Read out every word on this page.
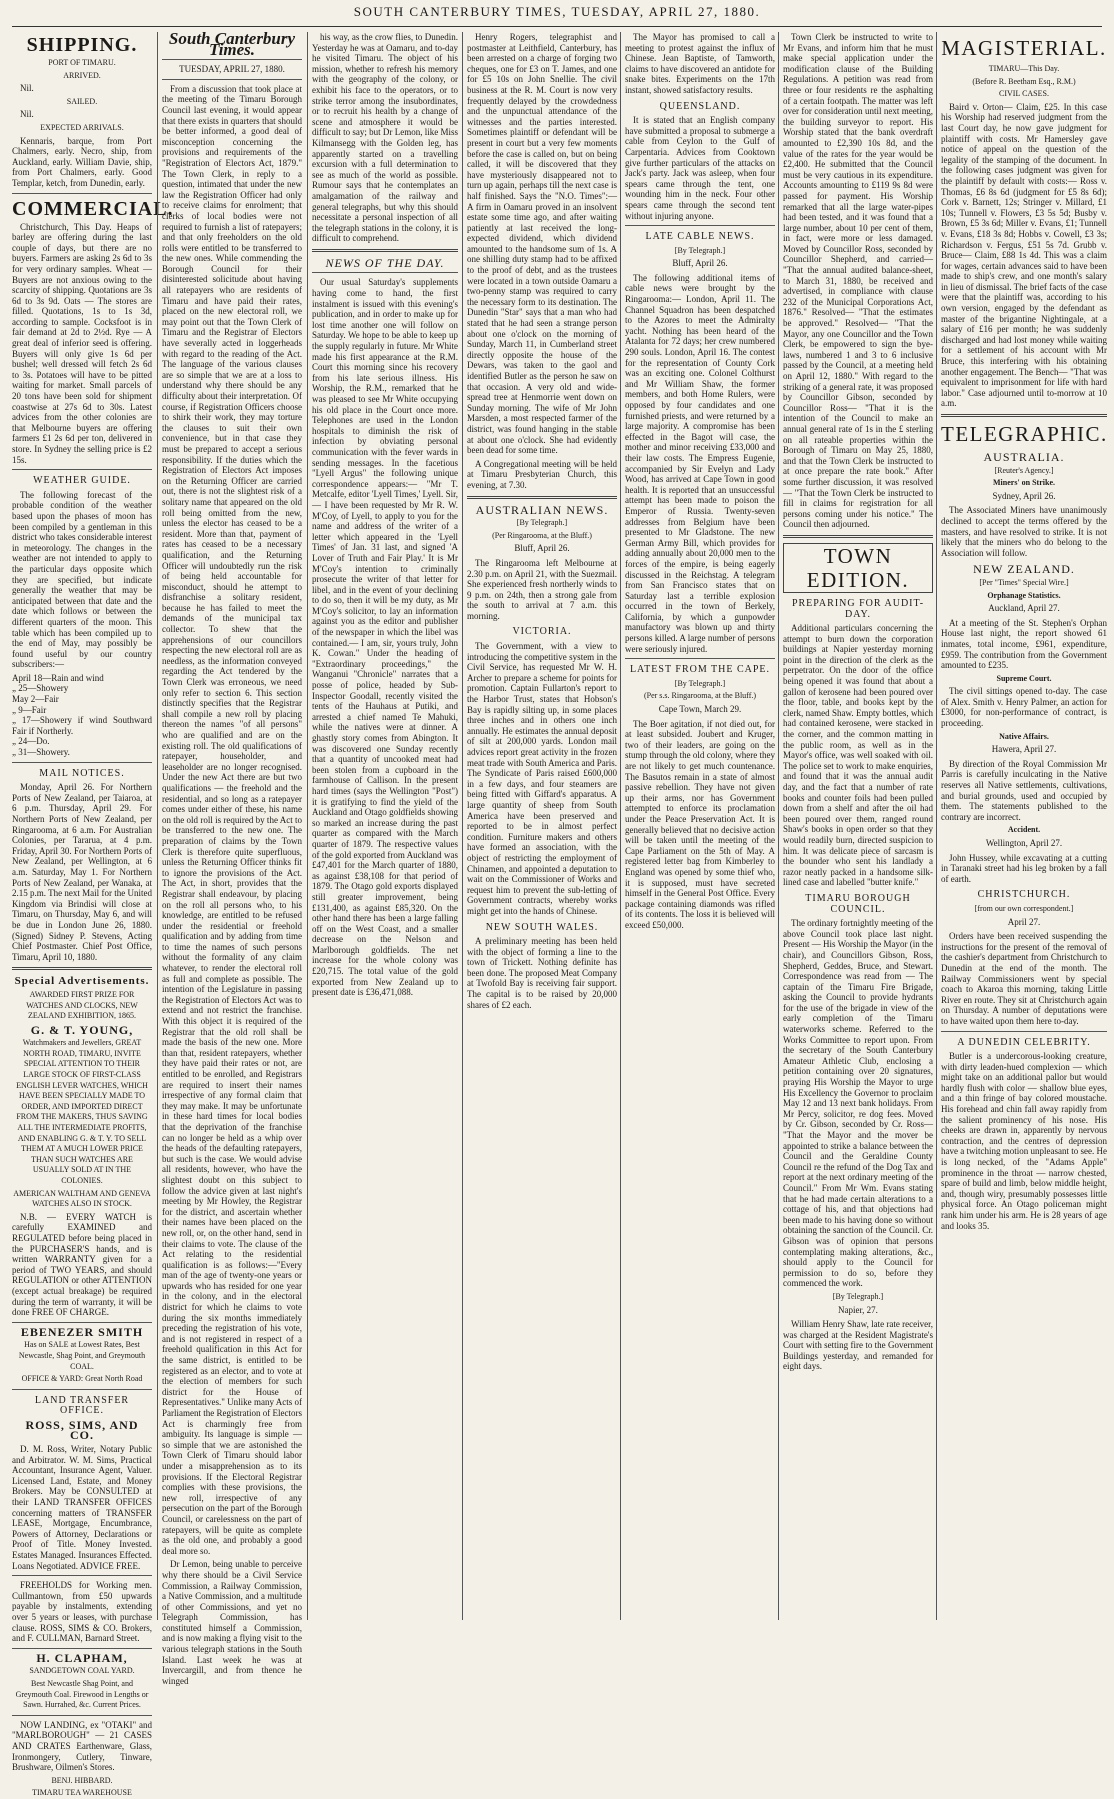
SOUTH CANTERBURY TIMES, TUESDAY, APRIL 27, 1880.
SHIPPING.
PORT OF TIMARU.
ARRIVED.

Nil.

SAILED.

Nil.

EXPECTED ARRIVALS.

Kennaris, barque, from Port Chalmers, early. Necro, ship, from Auckland, early. William Davie, ship, from Port Chalmers, early. Good Templar, ketch, from Dunedin, early.

COMMERCIAL.

Christchurch, This Day. Heaps of barley are offering during the last couple of days, but there are no buyers. Farmers are asking 2s 6d to 3s for very ordinary samples. Wheat — Buyers are not anxious owing to the scarcity of shipping. Quotations are 3s 6d to 3s 9d. Oats — The stores are filled. Quotations, 1s to 1s 3d, according to sample. Cocksfoot is in fair demand at 2d to 2½d. Rye — A great deal of inferior seed is offering. Buyers will only give 1s 6d per bushel; well dressed will fetch 2s 6d to 3s. Potatoes will have to be pitted waiting for market. Small parcels of 20 tons have been sold for shipment coastwise at 27s 6d to 30s. Latest advices from the other colonies are that Melbourne buyers are offering farmers £1 2s 6d per ton, delivered in store. In Sydney the selling price is £2 15s.

WEATHER GUIDE.

The following forecast of the probable condition of the weather based upon the phases of moon has been compiled by a gentleman in this district who takes considerable interest in meteorology. The changes in the weather are not intended to apply to the particular days opposite which they are specified, but indicate generally the weather that may be anticipated between that date and the date which follows or between the different quarters of the moon. This table which has been compiled up to the end of May, may possibly be found useful by our country subscribers:—

April 18—Rain and wind
„ 25—Showery
May 2—Fair
„ 9—Fair
„ 17—Showery if wind Southward Fair if Northerly.
„ 24—Do.
„ 31—Showery.
MAIL NOTICES.

Monday, April 26. For Northern Ports of New Zealand, per Taiaroa, at 6 p.m. Thursday, April 29. For Northern Ports of New Zealand, per Ringarooma, at 6 a.m. For Australian Colonies, per Tararua, at 4 p.m. Friday, April 30. For Northern Ports of New Zealand, per Wellington, at 6 a.m. Saturday, May 1. For Northern Ports of New Zealand, per Wanaka, at 2.15 p.m. The next Mail for the United Kingdom via Brindisi will close at Timaru, on Thursday, May 6, and will be due in London June 26, 1880. (Signed) Sidney P. Stevens, Acting Chief Postmaster. Chief Post Office, Timaru, April 10, 1880.

Special Advertisements.
AWARDED FIRST PRIZE FOR WATCHES AND CLOCKS, NEW ZEALAND EXHIBITION, 1865.
G. & T. YOUNG,
Watchmakers and Jewellers, GREAT NORTH ROAD, TIMARU, INVITE SPECIAL ATTENTION TO THEIR LARGE STOCK OF FIRST-CLASS ENGLISH LEVER WATCHES, WHICH HAVE BEEN SPECIALLY MADE TO ORDER, AND IMPORTED DIRECT FROM THE MAKERS, THUS SAVING ALL THE INTERMEDIATE PROFITS, AND ENABLING G. & T. Y. TO SELL THEM AT A MUCH LOWER PRICE THAN SUCH WATCHES ARE USUALLY SOLD AT IN THE COLONIES.
AMERICAN WALTHAM AND GENEVA WATCHES ALSO IN STOCK.

N.B. — EVERY WATCH is carefully EXAMINED and REGULATED before being placed in the PURCHASER'S hands, and is written WARRANTY given for a period of TWO YEARS, and should REGULATION or other ATTENTION (except actual breakage) be required during the term of warranty, it will be done FREE OF CHARGE.

EBENEZER SMITH
Has on SALE at Lowest Rates, Best Newcastle, Shag Point, and Greymouth COAL.
OFFICE & YARD: Great North Road
LAND TRANSFER OFFICE.
ROSS, SIMS, AND CO.

D. M. Ross, Writer, Notary Public and Arbitrator. W. M. Sims, Practical Accountant, Insurance Agent, Valuer. Licensed Land, Estate, and Money Brokers. May be CONSULTED at their LAND TRANSFER OFFICES concerning matters of TRANSFER LEASE, Mortgage, Encumbrance, Powers of Attorney, Declarations or Proof of Title. Money Invested. Estates Managed. Insurances Effected. Loans Negotiated. ADVICE FREE.

FREEHOLDS for Working men. Cullmantown, from £50 upwards payable by instalments, extending over 5 years or leases, with purchase clause. ROSS, SIMS & CO. Brokers, and F. CULLMAN, Barnard Street.

H. CLAPHAM,
SANDGETOWN COAL YARD.
Best Newcastle Shag Point, and Greymouth Coal. Firewood in Lengths or Sawn. Hurrahed, &c. Current Prices.

NOW LANDING, ex "OTAKI" and "MARLBOROUGH" — 21 CASES AND CRATES Earthenware, Glass, Ironmongery, Cutlery, Tinware, Brushware, Oilmen's Stores.

BENJ. HIBBARD.
TIMARU TEA WAREHOUSE
South Canterbury Times.
TUESDAY, APRIL 27, 1880.

From a discussion that took place at the meeting of the Timaru Borough Council last evening, it would appear that there exists in quarters that should be better informed, a good deal of misconception concerning the provisions and requirements of the "Registration of Electors Act, 1879." The Town Clerk, in reply to a question, intimated that under the new law the Registration Officer had only to receive claims for enrolment; that clerks of local bodies were not required to furnish a list of ratepayers; and that only freeholders on the old rolls were entitled to be transferred to the new ones. While commending the Borough Council for their disinterested solicitude about having all ratepayers who are residents of Timaru and have paid their rates, placed on the new electoral roll, we may point out that the Town Clerk of Timaru and the Registrar of Electors have severally acted in loggerheads with regard to the reading of the Act. The language of the various clauses are so simple that we are at a loss to understand why there should be any difficulty about their interpretation. Of course, if Registration Officers choose to shirk their work, they may torture the clauses to suit their own convenience, but in that case they must be prepared to accept a serious responsibility. If the duties which the Registration of Electors Act imposes on the Returning Officer are carried out, there is not the slightest risk of a solitary name that appeared on the old roll being omitted from the new, unless the elector has ceased to be a resident. More than that, payment of rates has ceased to be a necessary qualification, and the Returning Officer will undoubtedly run the risk of being held accountable for misconduct, should he attempt to disfranchise a solitary resident, because he has failed to meet the demands of the municipal tax collector. To shew that the apprehensions of our councillors respecting the new electoral roll are as needless, as the information conveyed regarding the Act tendered by the Town Clerk was erroneous, we need only refer to section 6. This section distinctly specifies that the Registrar shall compile a new roll by placing thereon the names "of all persons" who are qualified and are on the existing roll. The old qualifications of ratepayer, householder, and leaseholder are no longer recognised. Under the new Act there are but two qualifications — the freehold and the residential, and so long as a ratepayer comes under either of these, his name on the old roll is required by the Act to be transferred to the new one. The preparation of claims by the Town Clerk is therefore quite superfluous, unless the Returning Officer thinks fit to ignore the provisions of the Act. The Act, in short, provides that the Registrar shall endeavour, by placing on the roll all persons who, to his knowledge, are entitled to be refused under the residential or freehold qualification and by adding from time to time the names of such persons without the formality of any claim whatever, to render the electoral roll as full and complete as possible. The intention of the Legislature in passing the Registration of Electors Act was to extend and not restrict the franchise. With this object it is required of the Registrar that the old roll shall be made the basis of the new one. More than that, resident ratepayers, whether they have paid their rates or not, are entitled to be enrolled, and Registrars are required to insert their names irrespective of any formal claim that they may make. It may be unfortunate in these hard times for local bodies that the deprivation of the franchise can no longer be held as a whip over the heads of the defaulting ratepayers, but such is the case. We would advise all residents, however, who have the slightest doubt on this subject to follow the advice given at last night's meeting by Mr Howley, the Registrar for the district, and ascertain whether their names have been placed on the new roll, or, on the other hand, send in their claims to vote. The clause of the Act relating to the residential qualification is as follows:—"Every man of the age of twenty-one years or upwards who has resided for one year in the colony, and in the electoral district for which he claims to vote during the six months immediately preceding the registration of his vote, and is not registered in respect of a freehold qualification in this Act for the same district, is entitled to be registered as an elector, and to vote at the election of members for such district for the House of Representatives." Unlike many Acts of Parliament the Registration of Electors Act is charmingly free from ambiguity. Its language is simple — so simple that we are astonished the Town Clerk of Timaru should labor under a misapprehension as to its provisions. If the Electoral Registrar complies with these provisions, the new roll, irrespective of any persecution on the part of the Borough Council, or carelessness on the part of ratepayers, will be quite as complete as the old one, and probably a good deal more so.

Dr Lemon, being unable to perceive why there should be a Civil Service Commission, a Railway Commission, a Native Commission, and a multitude of other Commissions, and yet no Telegraph Commission, has constituted himself a Commission, and is now making a flying visit to the various telegraph stations in the South Island. Last week he was at Invercargill, and from thence he winged

his way, as the crow flies, to Dunedin. Yesterday he was at Oamaru, and to-day he visited Timaru. The object of his mission, whether to refresh his memory with the geography of the colony, or exhibit his face to the operators, or to strike terror among the insubordinates, or to recruit his health by a change of scene and atmosphere it would be difficult to say; but Dr Lemon, like Miss Kilmansegg with the Golden leg, has apparently started on a travelling excursion with a full determination to see as much of the world as possible. Rumour says that he contemplates an amalgamation of the railway and general telegraphs, but why this should necessitate a personal inspection of all the telegraph stations in the colony, it is difficult to comprehend.

NEWS OF THE DAY.

Our usual Saturday's supplements having come to hand, the first instalment is issued with this evening's publication, and in order to make up for lost time another one will follow on Saturday. We hope to be able to keep up the supply regularly in future. Mr White made his first appearance at the R.M. Court this morning since his recovery from his late serious illness. His Worship, the R.M., remarked that he was pleased to see Mr White occupying his old place in the Court once more. Telephones are used in the London hospitals to diminish the risk of infection by obviating personal communication with the fever wards in sending messages. In the facetious "Lyell Argus" the following unique correspondence appears:— "Mr T. Metcalfe, editor 'Lyell Times,' Lyell. Sir,— I have been requested by Mr R. W. M'Coy, of Lyell, to apply to you for the name and address of the writer of a letter which appeared in the 'Lyell Times' of Jan. 31 last, and signed 'A Lover of Truth and Fair Play.' It is Mr M'Coy's intention to criminally prosecute the writer of that letter for libel, and in the event of your declining to do so, then it will be my duty, as Mr M'Coy's solicitor, to lay an information against you as the editor and publisher of the newspaper in which the libel was contained.— I am, sir, yours truly, John K. Cowan." Under the heading of "Extraordinary proceedings," the Wanganui "Chronicle" narrates that a posse of police, headed by Sub-Inspector Goodall, recently visited the tents of the Hauhaus at Putiki, and arrested a chief named Te Mahuki, while the natives were at dinner. A ghastly story comes from Abington. It was discovered one Sunday recently that a quantity of uncooked meat had been stolen from a cupboard in the farmhouse of Callison. In the present hard times (says the Wellington "Post") it is gratifying to find the yield of the Auckland and Otago goldfields showing so marked an increase during the past quarter as compared with the March quarter of 1879. The respective values of the gold exported from Auckland was £47,401 for the March quarter of 1880, as against £38,108 for that period of 1879. The Otago gold exports displayed still greater improvement, being £131,400, as against £85,320. On the other hand there has been a large falling off on the West Coast, and a smaller decrease on the Nelson and Marlborough goldfields. The net increase for the whole colony was £20,715. The total value of the gold exported from New Zealand up to present date is £36,471,088.

Henry Rogers, telegraphist and postmaster at Leithfield, Canterbury, has been arrested on a charge of forging two cheques, one for £3 on T. James, and one for £5 10s on John Snellie. The civil business at the R. M. Court is now very frequently delayed by the crowdedness and the unpunctual attendance of the witnesses and the parties interested. Sometimes plaintiff or defendant will be present in court but a very few moments before the case is called on, but on being called, it will be discovered that they have mysteriously disappeared not to turn up again, perhaps till the next case is half finished. Says the "N.O. Times":— A firm in Oamaru proved in an insolvent estate some time ago, and after waiting patiently at last received the long-expected dividend, which dividend amounted to the handsome sum of 1s. A one shilling duty stamp had to be affixed to the proof of debt, and as the trustees were located in a town outside Oamaru a two-penny stamp was required to carry the necessary form to its destination. The Dunedin "Star" says that a man who had stated that he had seen a strange person about one o'clock on the morning of Sunday, March 11, in Cumberland street directly opposite the house of the Dewars, was taken to the gaol and identified Butler as the person he saw on that occasion. A very old and wide-spread tree at Henmorrie went down on Sunday morning. The wife of Mr John Marsden, a most respected farmer of the district, was found hanging in the stable at about one o'clock. She had evidently been dead for some time.

A Congregational meeting will be held at Timaru Presbyterian Church, this evening, at 7.30.

AUSTRALIAN NEWS.
[By Telegraph.]
(Per Ringarooma, at the Bluff.)
Bluff, April 26.

The Ringarooma left Melbourne at 2.30 p.m. on April 21, with the Suezmail. She experienced fresh northerly winds to 9 p.m. on 24th, then a strong gale from the south to arrival at 7 a.m. this morning.

VICTORIA.

The Government, with a view to introducing the competitive system in the Civil Service, has requested Mr W. H. Archer to prepare a scheme for points for promotion. Captain Fullarton's report to the Harbor Trust, states that Hobson's Bay is rapidly silting up, in some places three inches and in others one inch annually. He estimates the annual deposit of silt at 200,000 yards. London mail advices report great activity in the frozen meat trade with South America and Paris. The Syndicate of Paris raised £600,000 in a few days, and four steamers are being fitted with Giffard's apparatus. A large quantity of sheep from South America have been preserved and reported to be in almost perfect condition. Furniture makers and others have formed an association, with the object of restricting the employment of Chinamen, and appointed a deputation to wait on the Commissioner of Works and request him to prevent the sub-letting of Government contracts, whereby works might get into the hands of Chinese.

NEW SOUTH WALES.

A preliminary meeting has been held with the object of forming a line to the town of Trickett. Nothing definite has been done. The proposed Meat Company at Twofold Bay is receiving fair support. The capital is to be raised by 20,000 shares of £2 each.

The Mayor has promised to call a meeting to protest against the influx of Chinese. Jean Baptiste, of Tamworth, claims to have discovered an antidote for snake bites. Experiments on the 17th instant, showed satisfactory results.

QUEENSLAND.

It is stated that an English company have submitted a proposal to submerge a cable from Ceylon to the Gulf of Carpentaria. Advices from Cooktown give further particulars of the attacks on Jack's party. Jack was asleep, when four spears came through the tent, one wounding him in the neck. Four other spears came through the second tent without injuring anyone.

LATE CABLE NEWS.
[By Telegraph.]
Bluff, April 26.

The following additional items of cable news were brought by the Ringarooma:— London, April 11. The Channel Squadron has been despatched to the Azores to meet the Admiralty yacht. Nothing has been heard of the Atalanta for 72 days; her crew numbered 290 souls. London, April 16. The contest for the representation of County Cork was an exciting one. Colonel Colthurst and Mr William Shaw, the former members, and both Home Rulers, were opposed by four candidates and one furnished priests, and were returned by a large majority. A compromise has been effected in the Bagot will case, the mother and minor receiving £33,000 and their law costs. The Empress Eugenie, accompanied by Sir Evelyn and Lady Wood, has arrived at Cape Town in good health. It is reported that an unsuccessful attempt has been made to poison the Emperor of Russia. Twenty-seven addresses from Belgium have been presented to Mr Gladstone. The new German Army Bill, which provides for adding annually about 20,000 men to the forces of the empire, is being eagerly discussed in the Reichstag. A telegram from San Francisco states that on Saturday last a terrible explosion occurred in the town of Berkely, California, by which a gunpowder manufactory was blown up and thirty persons killed. A large number of persons were seriously injured.

LATEST FROM THE CAPE.
[By Telegraph.]
(Per s.s. Ringarooma, at the Bluff.)
Cape Town, March 29.

The Boer agitation, if not died out, for at least subsided. Joubert and Kruger, two of their leaders, are going on the stump through the old colony, where they are not likely to get much countenance. The Basutos remain in a state of almost passive rebellion. They have not given up their arms, nor has Government attempted to enforce its proclamation under the Peace Preservation Act. It is generally believed that no decisive action will be taken until the meeting of the Cape Parliament on the 5th of May. A registered letter bag from Kimberley to England was opened by some thief who, it is supposed, must have secreted himself in the General Post Office. Every package containing diamonds was rifled of its contents. The loss it is believed will exceed £50,000.

Town Clerk be instructed to write to Mr Evans, and inform him that he must make special application under the modification clause of the Building Regulations. A petition was read from three or four residents re the asphalting of a certain footpath. The matter was left over for consideration until next meeting, the building surveyor to report. His Worship stated that the bank overdraft amounted to £2,390 10s 8d, and the value of the rates for the year would be £2,400. He submitted that the Council must be very cautious in its expenditure. Accounts amounting to £119 9s 8d were passed for payment. His Worship remarked that all the large water-pipes had been tested, and it was found that a large number, about 10 per cent of them, in fact, were more or less damaged. Moved by Councillor Ross, seconded by Councillor Shepherd, and carried— "That the annual audited balance-sheet, to March 31, 1880, be received and advertised, in compliance with clause 232 of the Municipal Corporations Act, 1876." Resolved— "That the estimates be approved." Resolved— "That the Mayor, any one Councillor and the Town Clerk, be empowered to sign the bye-laws, numbered 1 and 3 to 6 inclusive passed by the Council, at a meeting held on April 12, 1880." With regard to the striking of a general rate, it was proposed by Councillor Gibson, seconded by Councillor Ross— "That it is the intention of the Council to make an annual general rate of 1s in the £ sterling on all rateable properties within the Borough of Timaru on May 25, 1880, and that the Town Clerk be instructed to at once prepare the rate book." After some further discussion, it was resolved— "That the Town Clerk be instructed to fill in claims for registration for all persons coming under his notice." The Council then adjourned.

TOWN EDITION.
PREPARING FOR AUDIT-DAY.

Additional particulars concerning the attempt to burn down the corporation buildings at Napier yesterday morning point in the direction of the clerk as the perpetrator. On the door of the office being opened it was found that about a gallon of kerosene had been poured over the floor, table, and books kept by the clerk, named Shaw. Empty bottles, which had contained kerosene, were stacked in the corner, and the common matting in the public room, as well as in the Mayor's office, was well soaked with oil. The police set to work to make enquiries, and found that it was the annual audit day, and the fact that a number of rate books and counter foils had been pulled down from a shelf and after the oil had been poured over them, ranged round Shaw's books in open order so that they would readily burn, directed suspicion to him. It was delicate piece of sarcasm is the bounder who sent his landlady a razor neatly packed in a handsome silk-lined case and labelled "butter knife."

TIMARU BOROUGH COUNCIL.

The ordinary fortnightly meeting of the above Council took place last night. Present — His Worship the Mayor (in the chair), and Councillors Gibson, Ross, Shepherd, Geddes, Bruce, and Stewart. Correspondence was read from — The captain of the Timaru Fire Brigade, asking the Council to provide hydrants for the use of the brigade in view of the early completion of the Timaru waterworks scheme. Referred to the Works Committee to report upon. From the secretary of the South Canterbury Amateur Athletic Club, enclosing a petition containing over 20 signatures, praying His Worship the Mayor to urge His Excellency the Governor to proclaim May 12 and 13 next bank holidays. From Mr Percy, solicitor, re dog fees. Moved by Cr. Gibson, seconded by Cr. Ross— "That the Mayor and the mover be appointed to strike a balance between the Council and the Geraldine County Council re the refund of the Dog Tax and report at the next ordinary meeting of the Council." From Mr Wm. Evans stating that he had made certain alterations to a cottage of his, and that objections had been made to his having done so without obtaining the sanction of the Council. Cr. Gibson was of opinion that persons contemplating making alterations, &c., should apply to the Council for permission to do so, before they commenced the work.

[By Telegraph.]
Napier, 27.

William Henry Shaw, late rate receiver, was charged at the Resident Magistrate's Court with setting fire to the Government Buildings yesterday, and remanded for eight days.

MAGISTERIAL.
TIMARU—This Day.
(Before R. Beetham Esq., R.M.)
CIVIL CASES.

Baird v. Orton— Claim, £25. In this case his Worship had reserved judgment from the last Court day, he now gave judgment for plaintiff with costs. Mr Hamersley gave notice of appeal on the question of the legality of the stamping of the document. In the following cases judgment was given for the plaintiff by default with costs:— Ross v. Thomas, £6 8s 6d (judgment for £5 8s 6d); Cork v. Barnett, 12s; Stringer v. Millard, £1 10s; Tunnell v. Flowers, £3 5s 5d; Busby v. Brown, £5 3s 6d; Miller v. Evans, £1; Tunnell v. Evans, £18 3s 8d; Hobbs v. Cowell, £3 3s; Richardson v. Fergus, £51 5s 7d. Grubb v. Bruce— Claim, £88 1s 4d. This was a claim for wages, certain advances said to have been made to ship's crew, and one month's salary in lieu of dismissal. The brief facts of the case were that the plaintiff was, according to his own version, engaged by the defendant as master of the brigantine Nightingale, at a salary of £16 per month; he was suddenly discharged and had lost money while waiting for a settlement of his account with Mr Bruce, this interfering with his obtaining another engagement. The Bench— "That was equivalent to imprisonment for life with hard labor." Case adjourned until to-morrow at 10 a.m.

TELEGRAPHIC.
AUSTRALIA.
[Reuter's Agency.]
Miners' on Strike.
Sydney, April 26.

The Associated Miners have unanimously declined to accept the terms offered by the masters, and have resolved to strike. It is not likely that the miners who do belong to the Association will follow.

NEW ZEALAND.
[Per "Times" Special Wire.]
Orphanage Statistics.
Auckland, April 27.

At a meeting of the St. Stephen's Orphan House last night, the report showed 61 inmates, total income, £961, expenditure, £959. The contribution from the Government amounted to £235.

Supreme Court.

The civil sittings opened to-day. The case of Alex. Smith v. Henry Palmer, an action for £3000, for non-performance of contract, is proceeding.

Native Affairs.
Hawera, April 27.

By direction of the Royal Commission Mr Parris is carefully inculcating in the Native reserves all Native settlements, cultivations, and burial grounds, used and occupied by them. The statements published to the contrary are incorrect.

Accident.
Wellington, April 27.

John Hussey, while excavating at a cutting in Taranaki street had his leg broken by a fall of earth.

CHRISTCHURCH.
[from our own correspondent.]
April 27.

Orders have been received suspending the instructions for the present of the removal of the cashier's department from Christchurch to Dunedin at the end of the month. The Railway Commissioners went by special coach to Akaroa this morning, taking Little River en route. They sit at Christchurch again on Thursday. A number of deputations were to have waited upon them here to-day.

A DUNEDIN CELEBRITY.

Butler is a undercorous-looking creature, with dirty leaden-hued complexion — which might take on an additional pallor but would hardly flush with color — shallow blue eyes, and a thin fringe of bay colored moustache. His forehead and chin fall away rapidly from the salient prominency of his nose. His cheeks are drawn in, apparently by nervous contraction, and the centres of depression have a twitching motion unpleasant to see. He is long necked, of the "Adams Apple" prominence in the throat — narrow chested, spare of build and limb, below middle height, and, though wiry, presumably possesses little physical force. An Otago policeman might rank him under his arm. He is 28 years of age and looks 35.
